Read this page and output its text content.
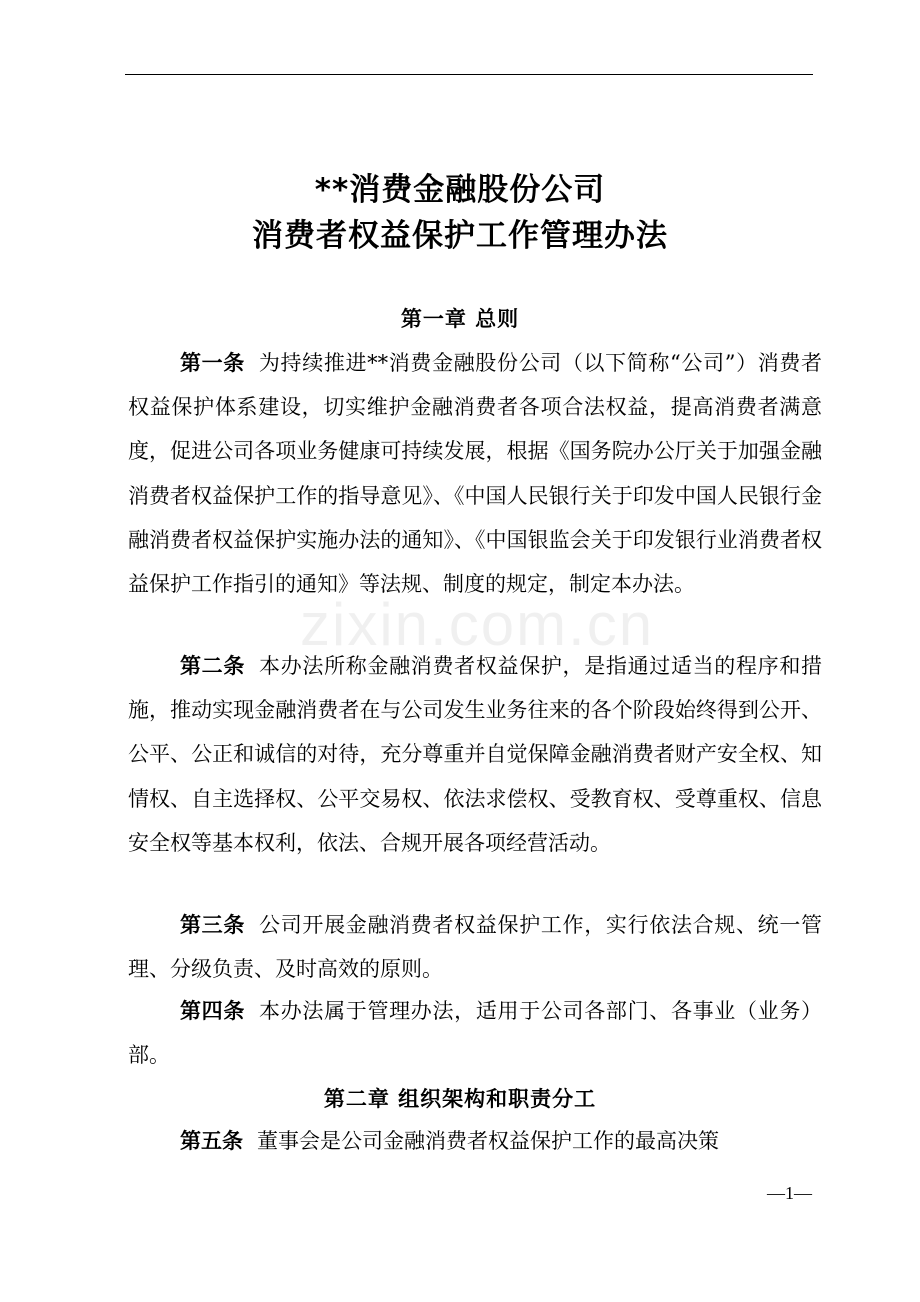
**消费金融股份公司
消费者权益保护工作管理办法
第一章 总则
zixin.com.cn

第一条 为持续推进**消费金融股份公司（以下简称“公司”）消费者权益保护体系建设，切实维护金融消费者各项合法权益，提高消费者满意度，促进公司各项业务健康可持续发展，根据《国务院办公厅关于加强金融消费者权益保护工作的指导意见》、《中国人民银行关于印发中国人民银行金融消费者权益保护实施办法的通知》、《中国银监会关于印发银行业消费者权益保护工作指引的通知》等法规、制度的规定，制定本办法。

第二条 本办法所称金融消费者权益保护，是指通过适当的程序和措施，推动实现金融消费者在与公司发生业务往来的各个阶段始终得到公开、公平、公正和诚信的对待，充分尊重并自觉保障金融消费者财产安全权、知情权、自主选择权、公平交易权、依法求偿权、受教育权、受尊重权、信息安全权等基本权利，依法、合规开展各项经营活动。

第三条 公司开展金融消费者权益保护工作，实行依法合规、统一管理、分级负责、及时高效的原则。

第四条 本办法属于管理办法，适用于公司各部门、各事业（业务）部。

第二章 组织架构和职责分工

第五条 董事会是公司金融消费者权益保护工作的最高决策

—1—
